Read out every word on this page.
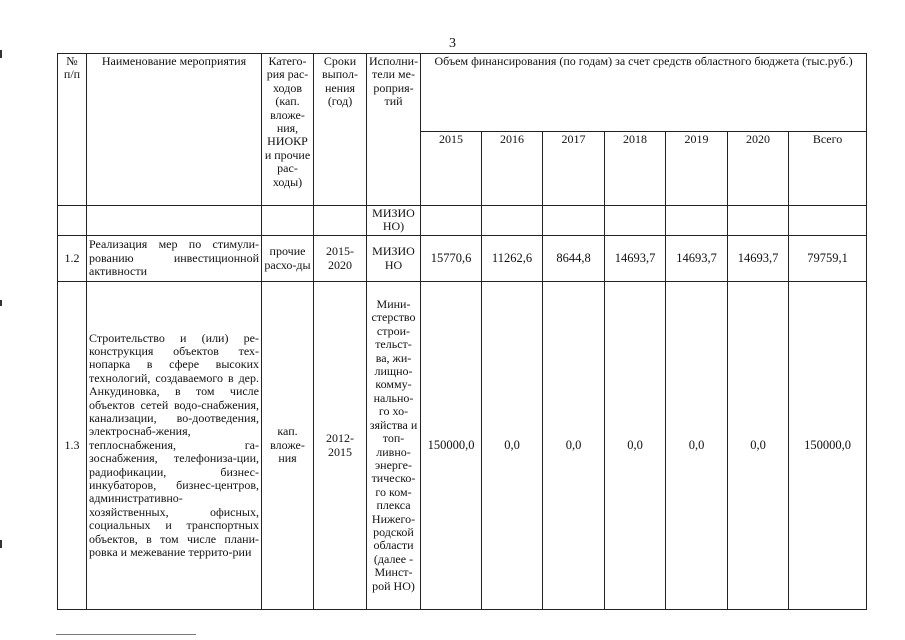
3
№ п/п	Наименование мероприятия	Катего-рия рас-ходов (кап. вложе-ния, НИОКР и прочие рас-ходы)	Сроки выпол-нения (год)	Исполни-тели ме-роприя-тий	Объем финансирования (по годам) за счет средств областного бюджета (тыс.руб.)						
					2015	2016	2017	2018	2019	2020	Всего
				МИЗИО НО)							
1.2	Реализация мер по стимули-рованию инвестиционной активности	прочие расхо-ды	2015-2020	МИЗИО НО	15770,6	11262,6	8644,8	14693,7	14693,7	14693,7	79759,1
1.3	Строительство и (или) ре-конструкция объектов тех-нопарка в сфере высоких технологий, создаваемого в дер. Анкудиновка, в том числе объектов сетей водо-снабжения, канализации, во-доотведения, электроснаб-жения, теплоснабжения, га-зоснабжения, телефониза-ции, радиофикации, бизнес-инкубаторов, бизнес-центров, административно-хозяйственных, офисных, социальных и транспортных объектов, в том числе плани-ровка и межевание террито-рии	кап. вложе-ния	2012-2015	Мини-стерство строи-тельст-ва, жи-лищно-комму-нально-го хо-зяйства и топ-ливно-энерге-тическо-го ком-плекса Нижего-родской области (далее - Минст-рой НО)	150000,0	0,0	0,0	0,0	0,0	0,0	150000,0
